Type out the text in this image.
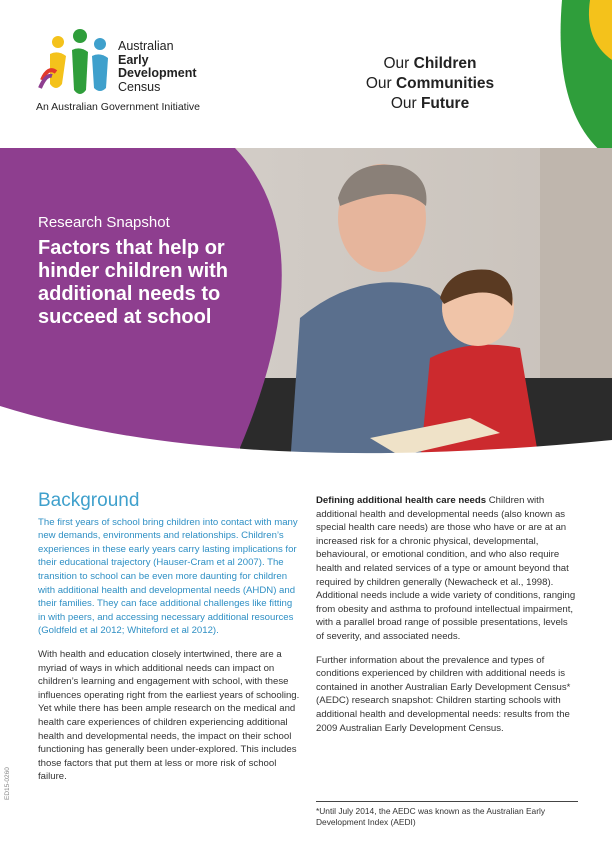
Australian
Early
Development
Census
An Australian Government Initiative
Our Children
Our Communities
Our Future
Research Snapshot
Factors that help or hinder children with additional needs to succeed at school
Background

The first years of school bring children into contact with many new demands, environments and relationships. Children’s experiences in these early years carry lasting implications for their educational trajectory (Hauser-Cram et al 2007). The transition to school can be even more daunting for children with additional health and developmental needs (AHDN) and their families. They can face additional challenges like fitting in with peers, and accessing necessary additional resources (Goldfeld et al 2012; Whiteford et al 2012).

With health and education closely intertwined, there are a myriad of ways in which additional needs can impact on children’s learning and engagement with school, with these influences operating right from the earliest years of schooling. Yet while there has been ample research on the medical and health care experiences of children experiencing additional health and developmental needs, the impact on their school functioning has generally been under-explored. This includes those factors that put them at less or more risk of school failure.

Defining additional health care needs Children with additional health and developmental needs (also known as special health care needs) are those who have or are at an increased risk for a chronic physical, developmental, behavioural, or emotional condition, and who also require health and related services of a type or amount beyond that required by children generally (Newacheck et al., 1998). Additional needs include a wide variety of conditions, ranging from obesity and asthma to profound intellectual impairment, with a parallel broad range of possible presentations, levels of severity, and associated needs.

Further information about the prevalence and types of conditions experienced by children with additional needs is contained in another Australian Early Development Census* (AEDC) research snapshot: Children starting schools with additional health and developmental needs: results from the 2009 Australian Early Development Census.

*Until July 2014, the AEDC was known as the Australian Early Development Index (AEDI)
ED15-0260
